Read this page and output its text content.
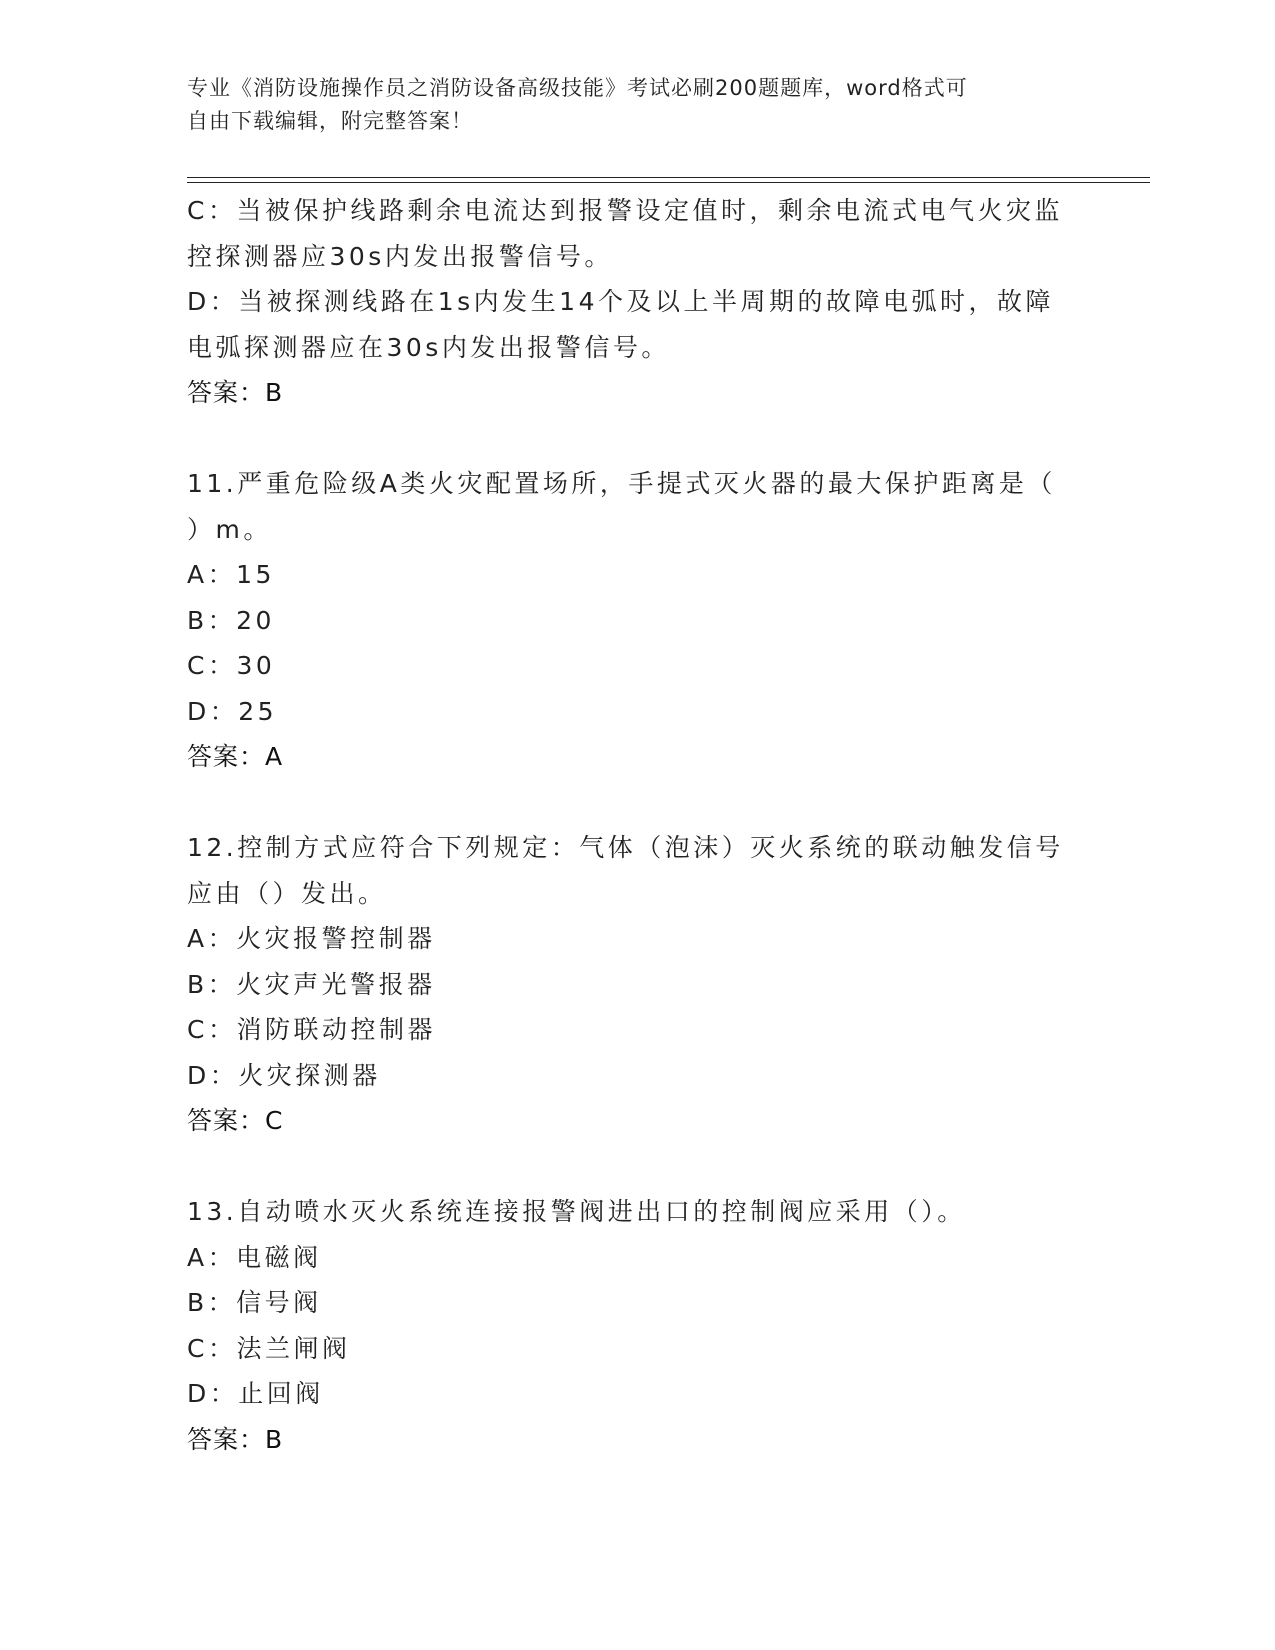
专业《消防设施操作员之消防设备高级技能》考试必刷200题题库，word格式可
自由下载编辑，附完整答案！
C：当被保护线路剩余电流达到报警设定值时，剩余电流式电气火灾监
控探测器应30s内发出报警信号。
D：当被探测线路在1s内发生14个及以上半周期的故障电弧时，故障
电弧探测器应在30s内发出报警信号。
答案：B
11.严重危险级A类火灾配置场所，手提式灭火器的最大保护距离是（
）m。
A：15
B：20
C：30
D：25
答案：A
12.控制方式应符合下列规定：气体（泡沫）灭火系统的联动触发信号
应由（）发出。
A：火灾报警控制器
B：火灾声光警报器
C：消防联动控制器
D：火灾探测器
答案：C
13.自动喷水灭火系统连接报警阀进出口的控制阀应采用（）。
A：电磁阀
B：信号阀
C：法兰闸阀
D：止回阀
答案：B
